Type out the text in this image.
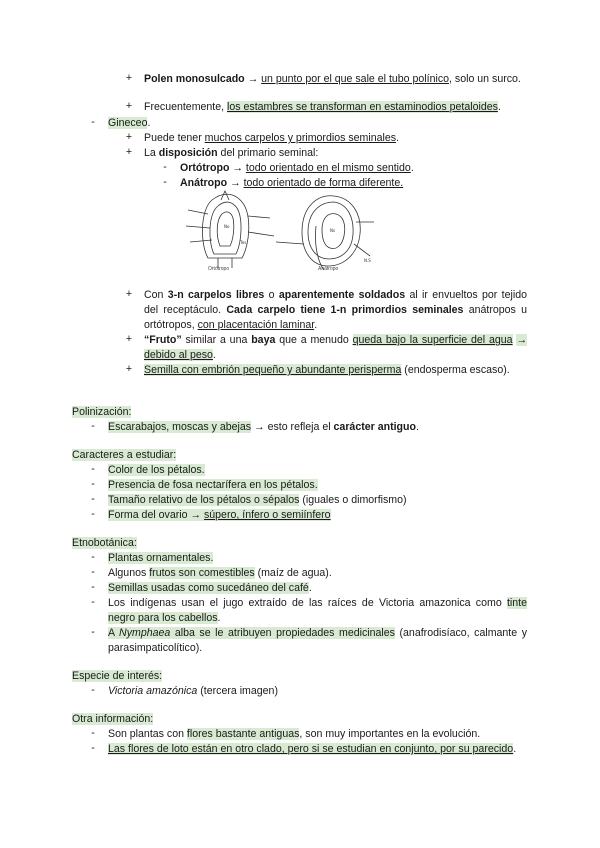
+	Polen monosulcado → un punto por el que sale el tubo polínico, solo un surco.
+	Frecuentemente, los estambres se transforman en estaminodios petaloides.
-	Gineceo.
+	Puede tener muchos carpelos y primordios seminales.
+	La disposición del primario seminal:
-	Ortótropo → todo orientado en el mismo sentido.
-	Anátropo → todo orientado de forma diferente.
No
Tes
Ns
N.S
Ortótropo	Anátropo
+	Con 3-n carpelos libres o aparentemente soldados al ir envueltos por tejido del receptáculo. Cada carpelo tiene 1-n primordios seminales anátropos u ortótropos, con placentación laminar.
+	“Fruto” similar a una baya que a menudo queda bajo la superficie del agua → debido al peso.
+	Semilla con embrión pequeño y abundante perisperma (endosperma escaso).
Polinización:
-	Escarabajos, moscas y abejas → esto refleja el carácter antiguo.
Caracteres a estudiar:
-	Color de los pétalos.
-	Presencia de fosa nectarífera en los pétalos.
-	Tamaño relativo de los pétalos o sépalos (iguales o dimorfismo)
-	Forma del ovario → súpero, ínfero o semiínfero
Etnobotánica:
-	Plantas ornamentales.
-	Algunos frutos son comestibles (maíz de agua).
-	Semillas usadas como sucedáneo del café.
-	Los indígenas usan el jugo extraído de las raíces de Victoria amazonica como tinte negro para los cabellos.
-	A Nymphaea alba se le atribuyen propiedades medicinales (anafrodisíaco, calmante y parasimpaticolítico).
Especie de interés:
-	Victoria amazónica (tercera imagen)
Otra información:
-	Son plantas con flores bastante antiguas, son muy importantes en la evolución.
-	Las flores de loto están en otro clado, pero si se estudian en conjunto, por su parecido.
